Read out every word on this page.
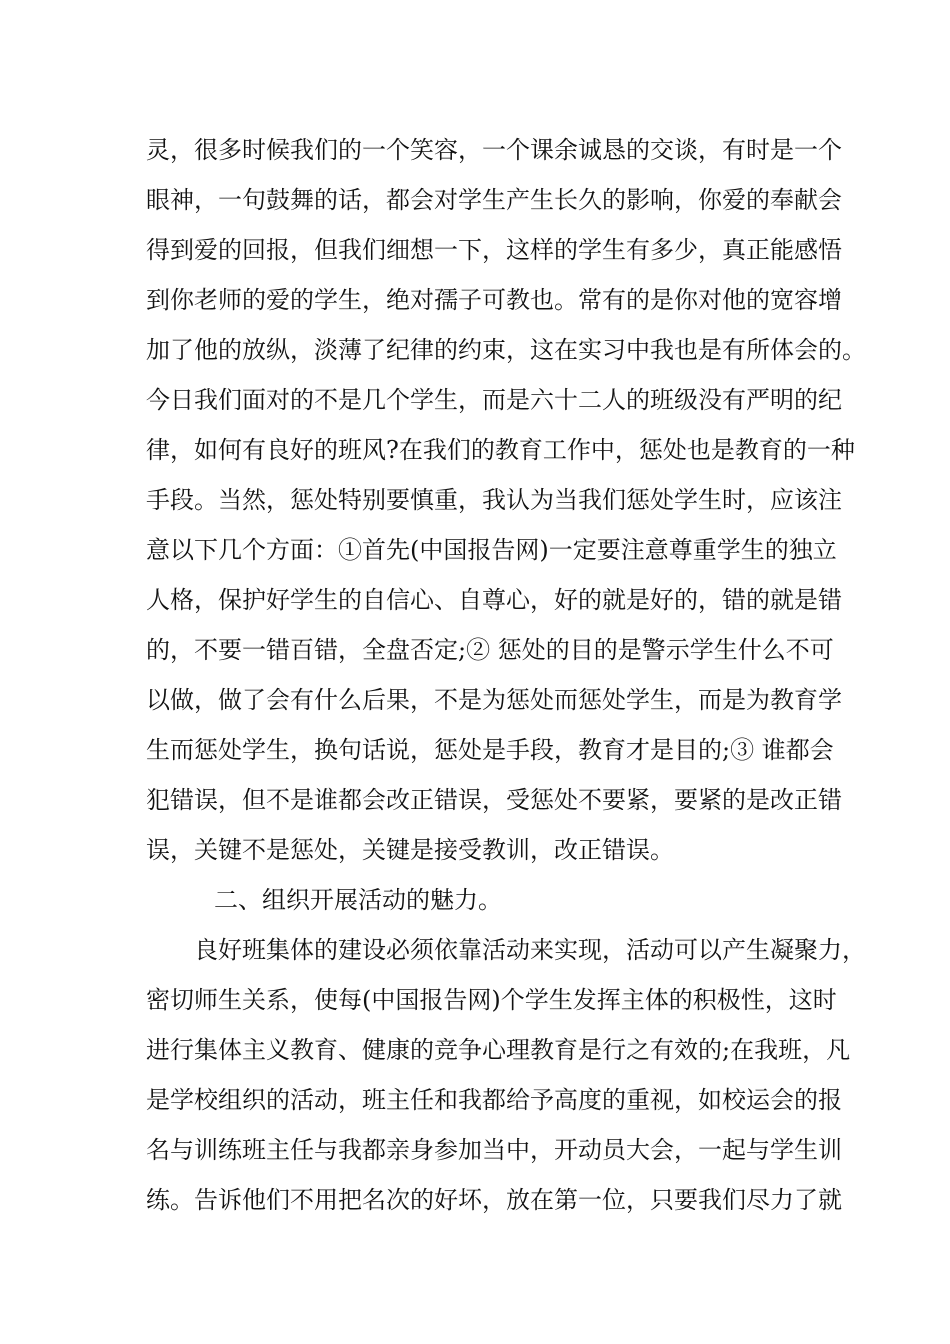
灵，很多时候我们的一个笑容，一个课余诚恳的交谈，有时是一个
眼神，一句鼓舞的话，都会对学生产生长久的影响，你爱的奉献会
得到爱的回报，但我们细想一下，这样的学生有多少，真正能感悟
到你老师的爱的学生，绝对孺子可教也。常有的是你对他的宽容增
加了他的放纵，淡薄了纪律的约束，这在实习中我也是有所体会的。
今日我们面对的不是几个学生，而是六十二人的班级没有严明的纪
律，如何有良好的班风?在我们的教育工作中，惩处也是教育的一种
手段。当然，惩处特别要慎重，我认为当我们惩处学生时，应该注
意以下几个方面：①首先(中国报告网)一定要注意尊重学生的独立
人格，保护好学生的自信心、自尊心，好的就是好的，错的就是错
的，不要一错百错，全盘否定;② 惩处的目的是警示学生什么不可
以做，做了会有什么后果，不是为惩处而惩处学生，而是为教育学
生而惩处学生，换句话说，惩处是手段，教育才是目的;③ 谁都会
犯错误，但不是谁都会改正错误，受惩处不要紧，要紧的是改正错
误，关键不是惩处，关键是接受教训，改正错误。
二、组织开展活动的魅力。
良好班集体的建设必须依靠活动来实现，活动可以产生凝聚力，
密切师生关系，使每(中国报告网)个学生发挥主体的积极性，这时
进行集体主义教育、健康的竞争心理教育是行之有效的;在我班，凡
是学校组织的活动，班主任和我都给予高度的重视，如校运会的报
名与训练班主任与我都亲身参加当中，开动员大会，一起与学生训
练。告诉他们不用把名次的好坏，放在第一位，只要我们尽力了就
